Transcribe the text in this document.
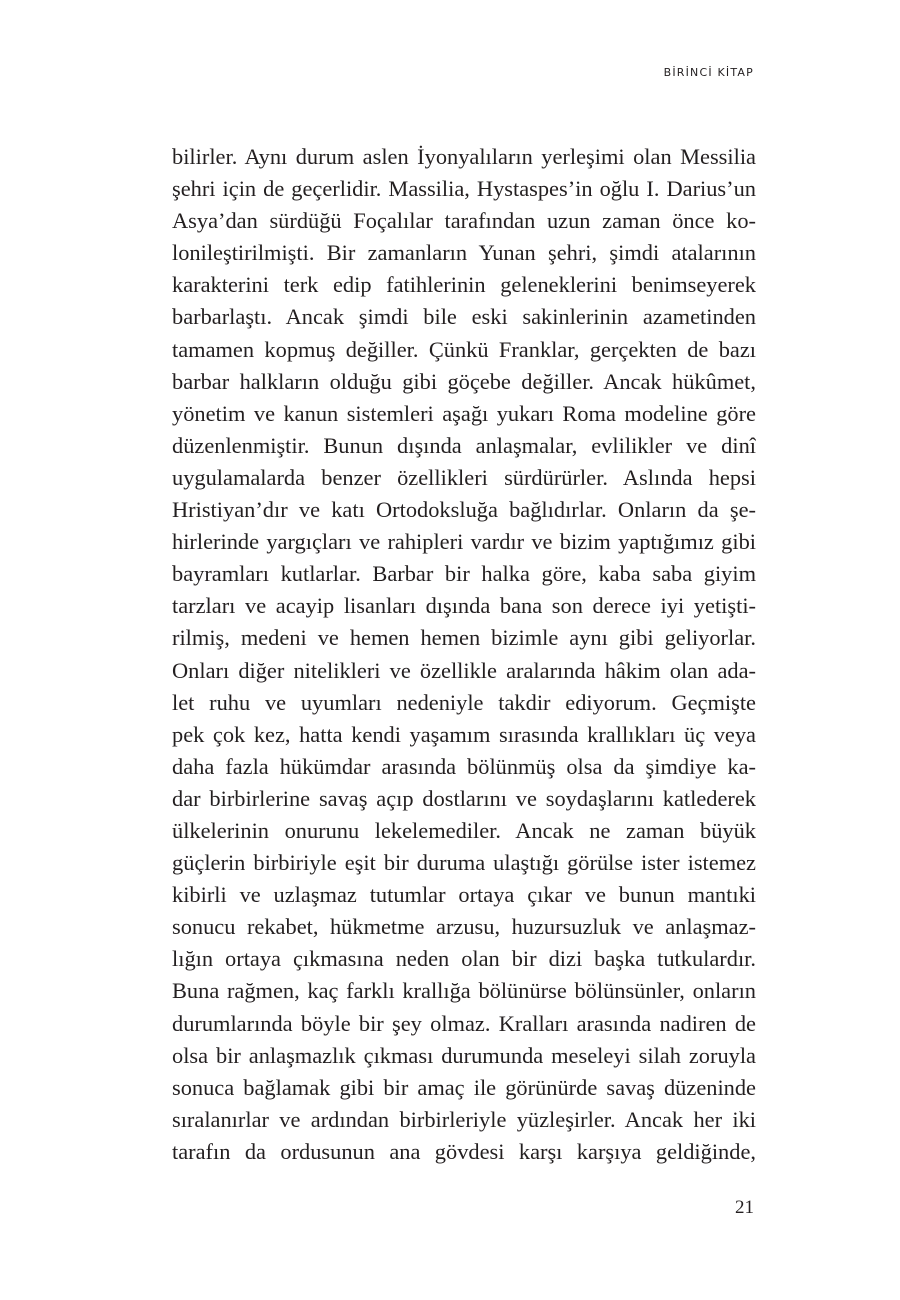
BİRİNCİ KİTAP
bilirler. Aynı durum aslen İyonyalıların yerleşimi olan Messilia
şehri için de geçerlidir. Massilia, Hystaspes’in oğlu I. Darius’un
Asya’dan sürdüğü Foçalılar tarafından uzun zaman önce ko-
lonileştirilmişti. Bir zamanların Yunan şehri, şimdi atalarının
karakterini terk edip fatihlerinin geleneklerini benimseyerek
barbarlaştı. Ancak şimdi bile eski sakinlerinin azametinden
tamamen kopmuş değiller. Çünkü Franklar, gerçekten de bazı
barbar halkların olduğu gibi göçebe değiller. Ancak hükûmet,
yönetim ve kanun sistemleri aşağı yukarı Roma modeline göre
düzenlenmiştir. Bunun dışında anlaşmalar, evlilikler ve dinî
uygulamalarda benzer özellikleri sürdürürler. Aslında hepsi
Hristiyan’dır ve katı Ortodoksluğa bağlıdırlar. Onların da şe-
hirlerinde yargıçları ve rahipleri vardır ve bizim yaptığımız gibi
bayramları kutlarlar. Barbar bir halka göre, kaba saba giyim
tarzları ve acayip lisanları dışında bana son derece iyi yetişti-
rilmiş, medeni ve hemen hemen bizimle aynı gibi geliyorlar.
Onları diğer nitelikleri ve özellikle aralarında hâkim olan ada-
let ruhu ve uyumları nedeniyle takdir ediyorum. Geçmişte
pek çok kez, hatta kendi yaşamım sırasında krallıkları üç veya
daha fazla hükümdar arasında bölünmüş olsa da şimdiye ka-
dar birbirlerine savaş açıp dostlarını ve soydaşlarını katlederek
ülkelerinin onurunu lekelemediler. Ancak ne zaman büyük
güçlerin birbiriyle eşit bir duruma ulaştığı görülse ister istemez
kibirli ve uzlaşmaz tutumlar ortaya çıkar ve bunun mantıki
sonucu rekabet, hükmetme arzusu, huzursuzluk ve anlaşmaz-
lığın ortaya çıkmasına neden olan bir dizi başka tutkulardır.
Buna rağmen, kaç farklı krallığa bölünürse bölünsünler, onların
durumlarında böyle bir şey olmaz. Kralları arasında nadiren de
olsa bir anlaşmazlık çıkması durumunda meseleyi silah zoruyla
sonuca bağlamak gibi bir amaç ile görünürde savaş düzeninde
sıralanırlar ve ardından birbirleriyle yüzleşirler. Ancak her iki
tarafın da ordusunun ana gövdesi karşı karşıya geldiğinde,
21
